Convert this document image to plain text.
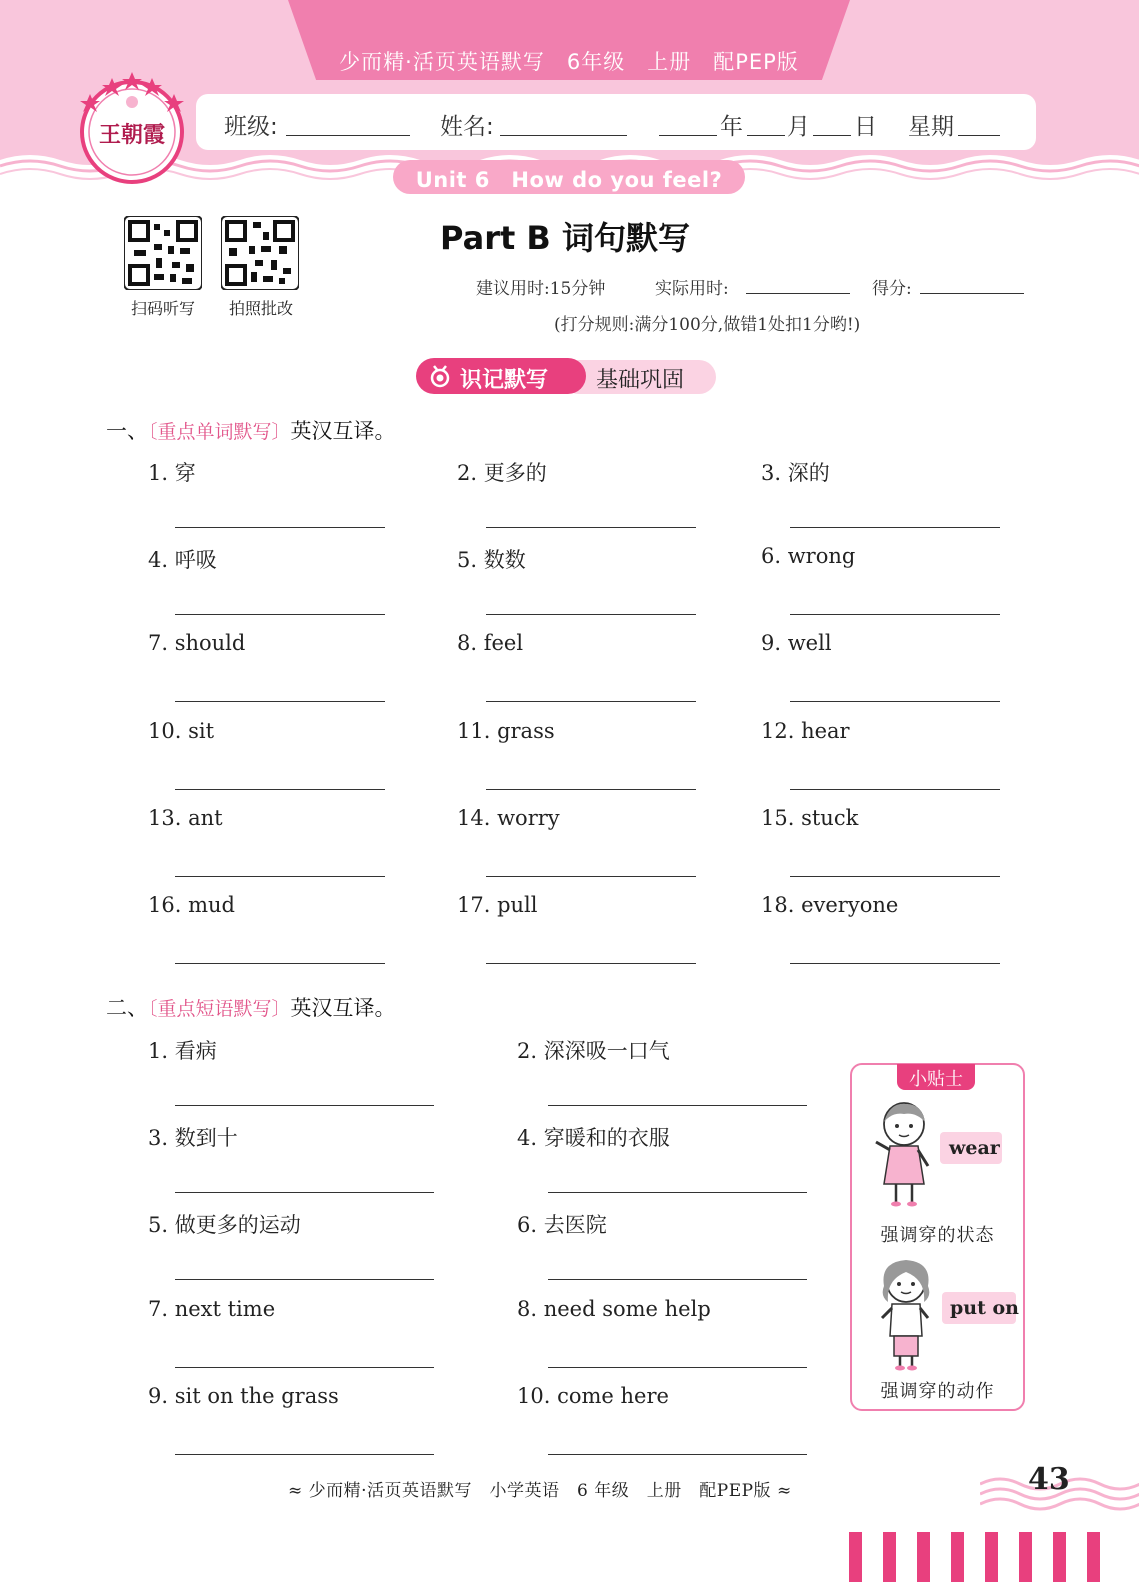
少而精·活页英语默写　6年级　上册　配PEP版
班级:	姓名:	年 月 日 星期
Unit 6　How do you feel?
王朝霞
扫码听写	拍照批改
Part B 词句默写
建议用时:15分钟	实际用时:	得分:
(打分规则:满分100分,做错1处扣1分哟!)
识记默写 基础巩固
一、〔重点单词默写〕英汉互译。
1. 穿	2. 更多的	3. 深的
4. 呼吸	5. 数数	6. wrong
7. should	8. feel	9. well
10. sit	11. grass	12. hear
13. ant	14. worry	15. stuck
16. mud	17. pull	18. everyone
二、〔重点短语默写〕英汉互译。
1. 看病	2. 深深吸一口气
3. 数到十	4. 穿暖和的衣服
5. 做更多的运动	6. 去医院
7. next time	8. need some help
9. sit on the grass	10. come here
小贴士
wear
强调穿的状态
put on
强调穿的动作
≈ 少而精·活页英语默写　小学英语　6 年级　上册　配PEP版 ≈	43
